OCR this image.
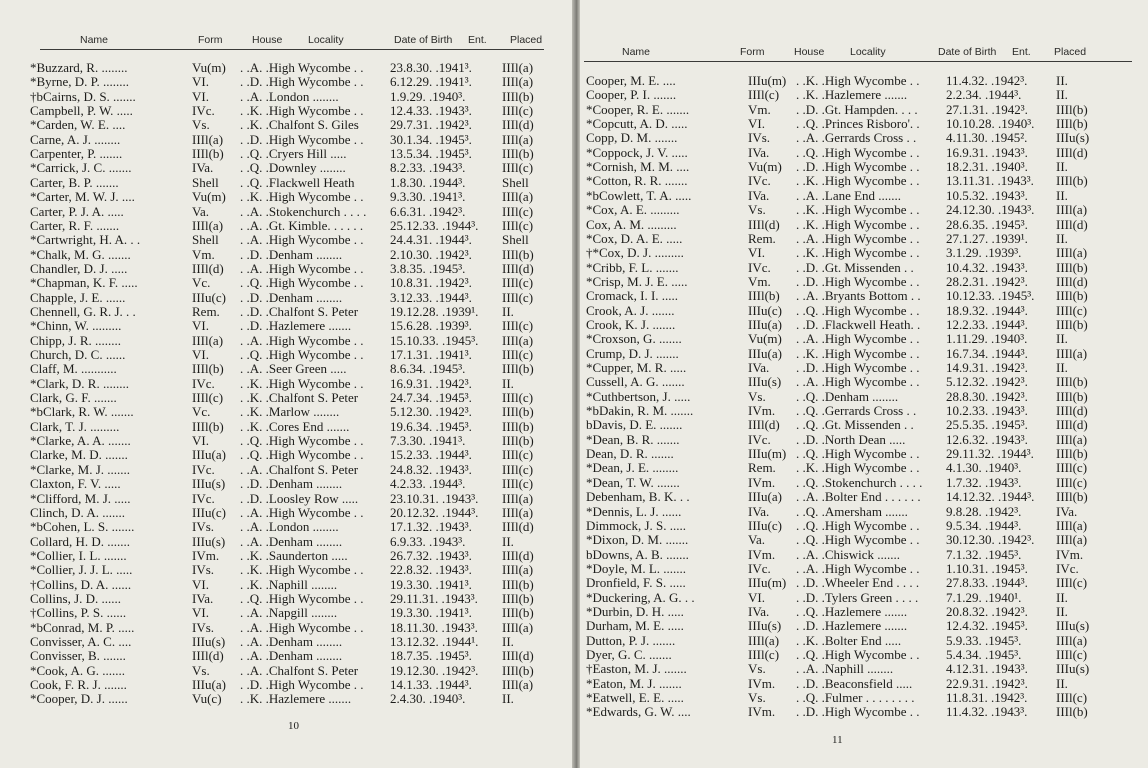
Name	Form	House Locality	Date of Birth Ent. Placed
*Buzzard, R. ........	Vu(m)	. .A. .High Wycombe . .	23.8.30. .1941³.	IIIl(a)
*Byrne, D. P. ........	VI.	. .D. .High Wycombe . .	6.12.29. .1941³.	IIIl(a)
†bCairns, D. S. .......	VI.	. .A. .London ........	1.9.29. .1940³.	IIIl(b)
Campbell, P. W. .....	IVc.	. .K. .High Wycombe . .	12.4.33. .1943³.	IIIl(c)
*Carden, W. E. ....	Vs.	. .K. .Chalfont S. Giles	29.7.31. .1942³.	IIIl(d)
Carne, A. J. ........	IIIl(a)	. .D. .High Wycombe . .	30.1.34. .1945³.	IIIl(a)
Carpenter, P. .......	IIIl(b)	. .Q. .Cryers Hill .....	13.5.34. .1945³.	IIIl(b)
*Carrick, J. C. .......	IVa.	. .Q. .Downley ........	8.2.33. .1943³.	IIIl(c)
Carter, B. P. .......	Shell	. .Q. .Flackwell Heath	1.8.30. .1944³.	Shell
*Carter, M. W. J. ....	Vu(m)	. .K. .High Wycombe . .	9.3.30. .1941³.	IIIl(a)
Carter, P. J. A. .....	Va.	. .A. .Stokenchurch . . . .	6.6.31. .1942³.	IIIl(c)
Carter, R. F. .......	IIIl(a)	. .A. .Gt. Kimble. . . . . .	25.12.33. .1944³.	IIIl(c)
*Cartwright, H. A. . .	Shell	. .A. .High Wycombe . .	24.4.31. .1944³.	Shell
*Chalk, M. G. .......	Vm.	. .D. .Denham ........	2.10.30. .1942³.	IIIl(b)
Chandler, D. J. .....	IIIl(d)	. .A. .High Wycombe . .	3.8.35. .1945³.	IIIl(d)
*Chapman, K. F. .....	Vc.	. .Q. .High Wycombe . .	10.8.31. .1942³.	IIIl(c)
Chapple, J. E. ......	IIIu(c)	. .D. .Denham ........	3.12.33. .1944³.	IIIl(c)
Chennell, G. R. J. . .	Rem.	. .D. .Chalfont S. Peter	19.12.28. .1939¹.	II.
*Chinn, W. .........	VI.	. .D. .Hazlemere .......	15.6.28. .1939³.	IIIl(c)
Chipp, J. R. ........	IIIl(a)	. .A. .High Wycombe . .	15.10.33. .1945³.	IIIl(a)
Church, D. C. ......	VI.	. .Q. .High Wycombe . .	17.1.31. .1941³.	IIIl(c)
Claff, M. ...........	IIIl(b)	. .A. .Seer Green .....	8.6.34. .1945³.	IIIl(b)
*Clark, D. R. ........	IVc.	. .K. .High Wycombe . .	16.9.31. .1942³.	II.
Clark, G. F. .......	IIIl(c)	. .K. .Chalfont S. Peter	24.7.34. .1945³.	IIIl(c)
*bClark, R. W. .......	Vc.	. .K. .Marlow ........	5.12.30. .1942³.	IIIl(b)
Clark, T. J. .........	IIIl(b)	. .K. .Cores End .......	19.6.34. .1945³.	IIIl(b)
*Clarke, A. A. .......	VI.	. .Q. .High Wycombe . .	7.3.30. .1941³.	IIIl(b)
Clarke, M. D. .......	IIIu(a)	. .Q. .High Wycombe . .	15.2.33. .1944³.	IIIl(c)
*Clarke, M. J. .......	IVc.	. .A. .Chalfont S. Peter	24.8.32. .1943³.	IIIl(c)
Claxton, F. V. .....	IIIu(s)	. .D. .Denham ........	4.2.33. .1944³.	IIIl(c)
*Clifford, M. J. .....	IVc.	. .D. .Loosley Row .....	23.10.31. .1943³.	IIIl(a)
Clinch, D. A. .......	IIIu(c)	. .A. .High Wycombe . .	20.12.32. .1944³.	IIIl(a)
*bCohen, L. S. .......	IVs.	. .A. .London ........	17.1.32. .1943³.	IIIl(d)
Collard, H. D. .......	IIIu(s)	. .A. .Denham ........	6.9.33. .1943³.	II.
*Collier, I. L. .......	IVm.	. .K. .Saunderton .....	26.7.32. .1943³.	IIIl(d)
*Collier, J. J. L. .....	IVs.	. .K. .High Wycombe . .	22.8.32. .1943³.	IIIl(a)
†Collins, D. A. ......	VI.	. .K. .Naphill ........	19.3.30. .1941³.	IIIl(b)
Collins, J. D. ......	IVa.	. .Q. .High Wycombe . .	29.11.31. .1943³.	IIIl(b)
†Collins, P. S. ......	VI.	. .A. .Napgill ........	19.3.30. .1941³.	IIIl(b)
*bConrad, M. P. .....	IVs.	. .A. .High Wycombe . .	18.11.30. .1943³.	IIIl(a)
Convisser, A. C. ....	IIIu(s)	. .A. .Denham ........	13.12.32. .1944¹.	II.
Convisser, B. .......	IIIl(d)	. .A. .Denham ........	18.7.35. .1945³.	IIIl(d)
*Cook, A. G. .......	Vs.	. .A. .Chalfont S. Peter	19.12.30. .1942³.	IIIl(b)
Cook, F. R. J. .......	IIIu(a)	. .D. .High Wycombe . .	14.1.33. .1944³.	IIIl(a)
*Cooper, D. J. ......	Vu(c)	. .K. .Hazlemere .......	2.4.30. .1940³.	II.
10
Name	Form	House Locality	Date of Birth Ent. Placed
Cooper, M. E. ....	IIIu(m) . .K. .High Wycombe . .	11.4.32. .1942³.	II.
Cooper, P. I. .......	IIIl(c)	. .K. .Hazlemere .......	2.2.34. .1944³.	II.
*Cooper, R. E. .......	Vm.	. .D. .Gt. Hampden. . . .	27.1.31. .1942³.	IIIl(b)
*Copcutt, A. D. .....	VI.	. .Q. .Princes Risboro'. .	10.10.28. .1940³.	IIIl(b)
Copp, D. M. .......	IVs.	. .A. .Gerrards Cross . .	4.11.30. .1945².	IIIu(s)
*Coppock, J. V. .....	IVa.	. .Q. .High Wycombe . .	16.9.31. .1943³.	IIIl(d)
*Cornish, M. M. ....	Vu(m)	. .D. .High Wycombe . .	18.2.31. .1940³.	II.
*Cotton, R. R. .......	IVc.	. .K. .High Wycombe . .	13.11.31. .1943³.	IIIl(b)
*bCowlett, T. A. .....	IVa.	. .A. .Lane End .......	10.5.32. .1943³.	II.
*Cox, A. E. .........	Vs.	. .K. .High Wycombe . .	24.12.30. .1943³.	IIIl(a)
Cox, A. M. .........	IIIl(d)	. .K. .High Wycombe . .	28.6.35. .1945³.	IIIl(d)
*Cox, D. A. E. .....	Rem.	. .A. .High Wycombe . .	27.1.27. .1939¹.	II.
†*Cox, D. J. .........	VI.	. .K. .High Wycombe . .	3.1.29. .1939³.	IIIl(a)
*Cribb, F. L. .......	IVc.	. .D. .Gt. Missenden . .	10.4.32. .1943³.	IIIl(b)
*Crisp, M. J. E. .....	Vm.	. .D. .High Wycombe . .	28.2.31. .1942³.	IIIl(d)
Cromack, I. I. .....	IIIl(b)	. .A. .Bryants Bottom . .	10.12.33. .1945³.	IIIl(b)
Crook, A. J. .......	IIIu(c)	. .Q. .High Wycombe . .	18.9.32. .1944³.	IIIl(c)
Crook, K. J. .......	IIIu(a)	. .D. .Flackwell Heath. .	12.2.33. .1944³.	IIIl(b)
*Croxson, G. .......	Vu(m)	. .A. .High Wycombe . .	1.11.29. .1940³.	II.
Crump, D. J. .......	IIIu(a)	. .K. .High Wycombe . .	16.7.34. .1944³.	IIIl(a)
*Cupper, M. R. .....	IVa.	. .D. .High Wycombe . .	14.9.31. .1942³.	II.
Cussell, A. G. .......	IIIu(s)	. .A. .High Wycombe . .	5.12.32. .1942³.	IIIl(b)
*Cuthbertson, J. .....	Vs.	. .Q. .Denham ........	28.8.30. .1942³.	IIIl(b)
*bDakin, R. M. .......	IVm.	. .Q. .Gerrards Cross . .	10.2.33. .1943³.	IIIl(d)
bDavis, D. E. .......	IIIl(d)	. .Q. .Gt. Missenden . .	25.5.35. .1945³.	IIIl(d)
*Dean, B. R. .......	IVc.	. .D. .North Dean .....	12.6.32. .1943³.	IIIl(a)
Dean, D. R. .......	IIIu(m) . .Q. .High Wycombe . .	29.11.32. .1944³.	IIIl(b)
*Dean, J. E. ........	Rem.	. .K. .High Wycombe . .	4.1.30. .1940³.	IIIl(c)
*Dean, T. W. .......	IVm.	. .Q. .Stokenchurch . . . .	1.7.32. .1943³.	IIIl(c)
Debenham, B. K. . .	IIIu(a)	. .A. .Bolter End . . . . . .	14.12.32. .1944³.	IIIl(b)
*Dennis, L. J. ......	IVa.	. .Q. .Amersham .......	9.8.28. .1942³.	IVa.
Dimmock, J. S. .....	IIIu(c)	. .Q. .High Wycombe . .	9.5.34. .1944³.	IIIl(a)
*Dixon, D. M. .......	Va.	. .Q. .High Wycombe . .	30.12.30. .1942³.	IIIl(a)
bDowns, A. B. .......	IVm.	. .A. .Chiswick .......	7.1.32. .1945³.	IVm.
*Doyle, M. L. .......	IVc.	. .A. .High Wycombe . .	1.10.31. .1945³.	IVc.
Dronfield, F. S. .....	IIIu(m) . .D. .Wheeler End . . . .	27.8.33. .1944³.	IIIl(c)
*Duckering, A. G. . .	VI.	. .D. .Tylers Green . . . .	7.1.29. .1940¹.	II.
*Durbin, D. H. .....	IVa.	. .Q. .Hazlemere .......	20.8.32. .1942³.	II.
Durham, M. E. .....	IIIu(s)	. .D. .Hazlemere .......	12.4.32. .1945³.	IIIu(s)
Dutton, P. J. .......	IIIl(a)	. .K. .Bolter End .....	5.9.33. .1945³.	IIIl(a)
Dyer, G. C. .......	IIIl(c)	. .Q. .High Wycombe . .	5.4.34. .1945³.	IIIl(c)
†Easton, M. J. .......	Vs.	. .A. .Naphill ........	4.12.31. .1943³.	IIIu(s)
*Eaton, M. J. .......	IVm.	. .D. .Beaconsfield .....	22.9.31. .1942³.	II.
*Eatwell, E. E. .....	Vs.	. .Q. .Fulmer . . . . . . . .	11.8.31. .1942³.	IIIl(c)
*Edwards, G. W. ....	IVm.	. .D. .High Wycombe . .	11.4.32. .1943³.	IIIl(b)
11
